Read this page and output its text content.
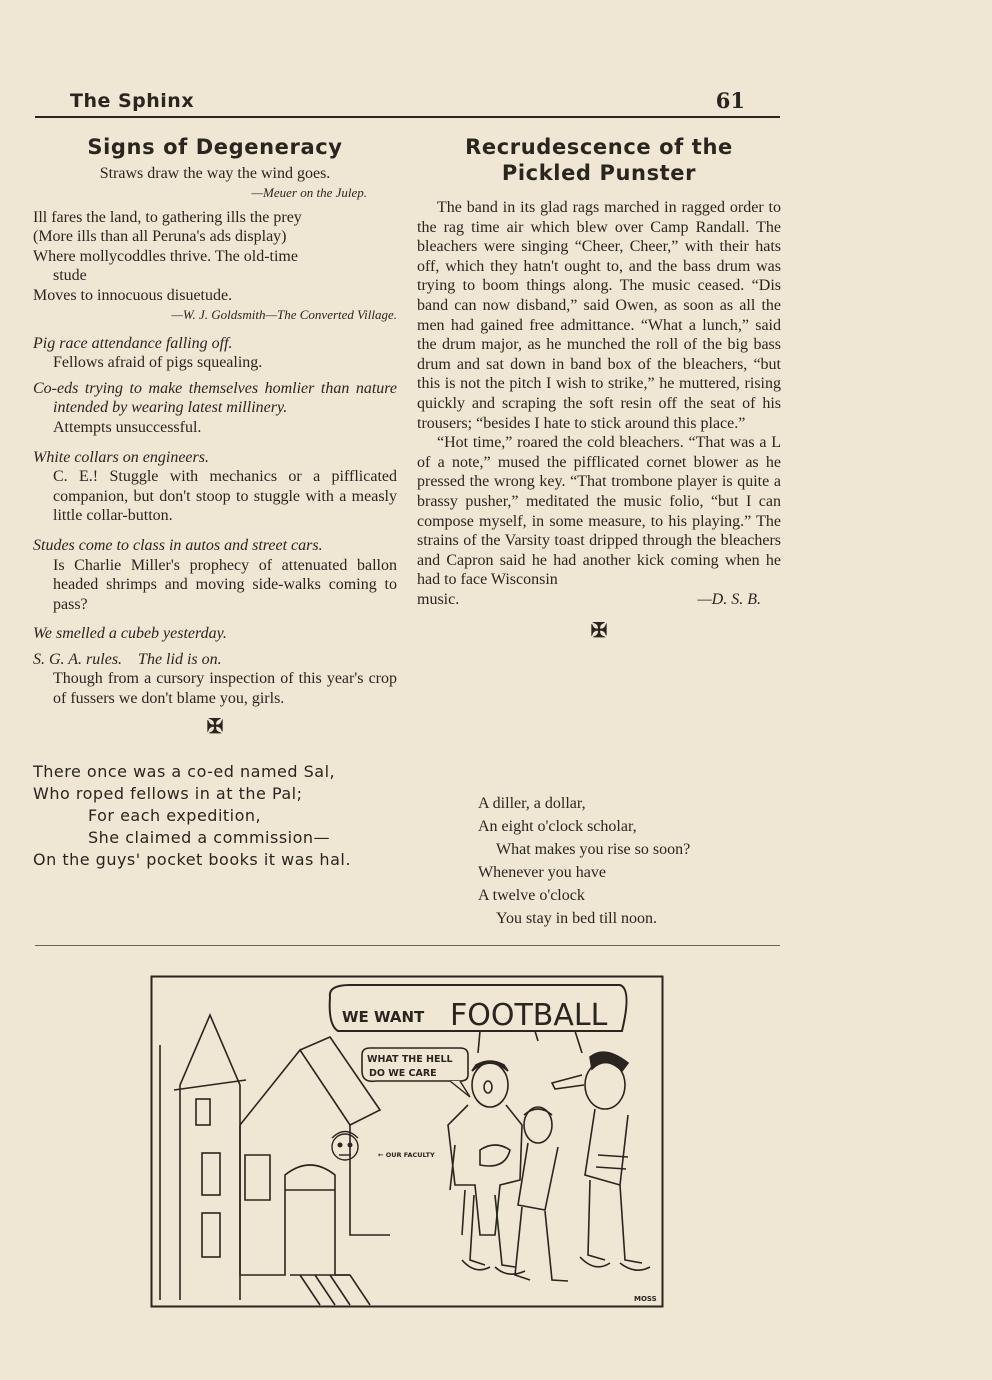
The Sphinx	61
Signs of Degeneracy

Straws draw the way the wind goes.

—Meuer on the Julep.

Ill fares the land, to gathering ills the prey

(More ills than all Peruna's ads display)

Where mollycoddles thrive. The old-time

stude

Moves to innocuous disuetude.

—W. J. Goldsmith—The Converted Village.

Pig race attendance falling off.

Fellows afraid of pigs squealing.

Co-eds trying to make themselves homlier than nature intended by wearing latest millinery.

Attempts unsuccessful.

White collars on engineers.

C. E.! Stuggle with mechanics or a pifflicated companion, but don't stoop to stuggle with a measly little collar-button.

Studes come to class in autos and street cars.

Is Charlie Miller's prophecy of attenuated ballon headed shrimps and moving side-walks coming to pass?

We smelled a cubeb yesterday.

S. G. A. rules. The lid is on.

Though from a cursory inspection of this year's crop of fussers we don't blame you, girls.

✠

There once was a co-ed named Sal,

Who roped fellows in at the Pal;

For each expedition,

She claimed a commission—

On the guys' pocket books it was hal.

Recrudescence of the
Pickled Punster

The band in its glad rags marched in ragged order to the rag time air which blew over Camp Randall. The bleachers were singing “Cheer, Cheer,” with their hats off, which they hatn't ought to, and the bass drum was trying to boom things along. The music ceased. “Dis band can now disband,” said Owen, as soon as all the men had gained free admittance. “What a lunch,” said the drum major, as he munched the roll of the big bass drum and sat down in band box of the bleachers, “but this is not the pitch I wish to strike,” he muttered, rising quickly and scraping the soft resin off the seat of his trousers; “besides I hate to stick around this place.”

“Hot time,” roared the cold bleachers. “That was a L of a note,” mused the pifflicated cornet blower as he pressed the wrong key. “That trombone player is quite a brassy pusher,” meditated the music folio, “but I can compose myself, in some measure, to his playing.” The strains of the Varsity toast dripped through the bleachers and Capron said he had another kick coming when he had to face Wisconsin

music.	—D. S. B.

✠

A diller, a dollar,

An eight o'clock scholar,

What makes you rise so soon?

Whenever you have

A twelve o'clock

You stay in bed till noon.

WE WANT FOOTBALL
WHAT THE HELL
DO WE CARE
← OUR FACULTY
MOSS
